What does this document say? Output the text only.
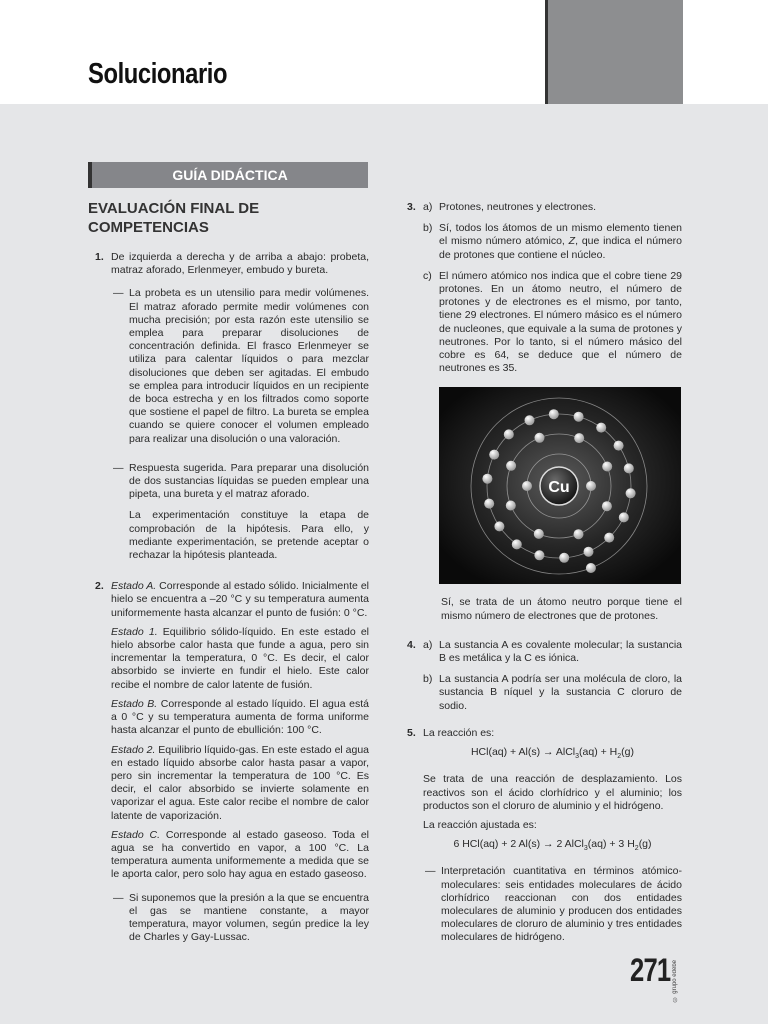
Solucionario
GUÍA DIDÁCTICA
EVALUACIÓN FINAL DE COMPETENCIAS
1. De izquierda a derecha y de arriba a abajo: probeta, matraz aforado, Erlenmeyer, embudo y bureta.

— La probeta es un utensilio para medir volúmenes. El matraz aforado permite medir volúmenes con mucha precisión; por esta razón este utensilio se emplea para preparar disoluciones de concentración definida. El frasco Erlenmeyer se utiliza para calentar líquidos o para mezclar disoluciones que deben ser agitadas. El embudo se emplea para introducir líquidos en un recipiente de boca estrecha y en los filtrados como soporte que sostiene el papel de filtro. La bureta se emplea cuando se quiere conocer el volumen empleado para realizar una disolución o una valoración.
— Respuesta sugerida. Para preparar una disolución de dos sustancias líquidas se pueden emplear una pipeta, una bureta y el matraz aforado.

La experimentación constituye la etapa de comprobación de la hipótesis. Para ello, y mediante experimentación, se pretende aceptar o rechazar la hipótesis planteada.

2. Estado A. Corresponde al estado sólido. Inicialmente el hielo se encuentra a –20 °C y su temperatura aumenta uniformemente hasta alcanzar el punto de fusión: 0 °C.

Estado 1. Equilibrio sólido-líquido. En este estado el hielo absorbe calor hasta que funde a agua, pero sin incrementar la temperatura, 0 °C. Es decir, el calor absorbido se invierte en fundir el hielo. Este calor recibe el nombre de calor latente de fusión.

Estado B. Corresponde al estado líquido. El agua está a 0 °C y su temperatura aumenta de forma uniforme hasta alcanzar el punto de ebullición: 100 °C.

Estado 2. Equilibrio líquido-gas. En este estado el agua en estado líquido absorbe calor hasta pasar a vapor, pero sin incrementar la temperatura de 100 °C. Es decir, el calor absorbido se invierte solamente en vaporizar el agua. Este calor recibe el nombre de calor latente de vaporización.

Estado C. Corresponde al estado gaseoso. Toda el agua se ha convertido en vapor, a 100 °C. La temperatura aumenta uniformemente a medida que se le aporta calor, pero solo hay agua en estado gaseoso.

— Si suponemos que la presión a la que se encuentra el gas se mantiene constante, a mayor temperatura, mayor volumen, según predice la ley de Charles y Gay-Lussac.
3. a) Protones, neutrones y electrones.
b) Sí, todos los átomos de un mismo elemento tienen el mismo número atómico, Z, que indica el número de protones que contiene el núcleo.
c) El número atómico nos indica que el cobre tiene 29 protones. En un átomo neutro, el número de protones y de electrones es el mismo, por tanto, tiene 29 electrones. El número másico es el número de nucleones, que equivale a la suma de protones y neutrones. Por lo tanto, si el número másico del cobre es 64, se deduce que el número de neutrones es 35.
Cu

Sí, se trata de un átomo neutro porque tiene el mismo número de electrones que de protones.

4. a) La sustancia A es covalente molecular; la sustancia B es metálica y la C es iónica.
b) La sustancia A podría ser una molécula de cloro, la sustancia B níquel y la sustancia C cloruro de sodio.
5. La reacción es:

HCl(aq) + Al(s) → AlCl$_3$(aq) + $H_2(g)$

Se trata de una reacción de desplazamiento. Los reactivos son el ácido clorhídrico y el aluminio; los productos son el cloruro de aluminio y el hidrógeno.

La reacción ajustada es:

6 HCl(aq) + 2 Al(s) → 2 AlCl$_3$(aq) + 3 $H_2(g)$

— Interpretación cuantitativa en términos atómico-moleculares: seis entidades moleculares de ácido clorhídrico reaccionan con dos entidades moleculares de aluminio y producen dos entidades moleculares de cloruro de aluminio y tres entidades moleculares de hidrógeno.
271 © grupo edebé
